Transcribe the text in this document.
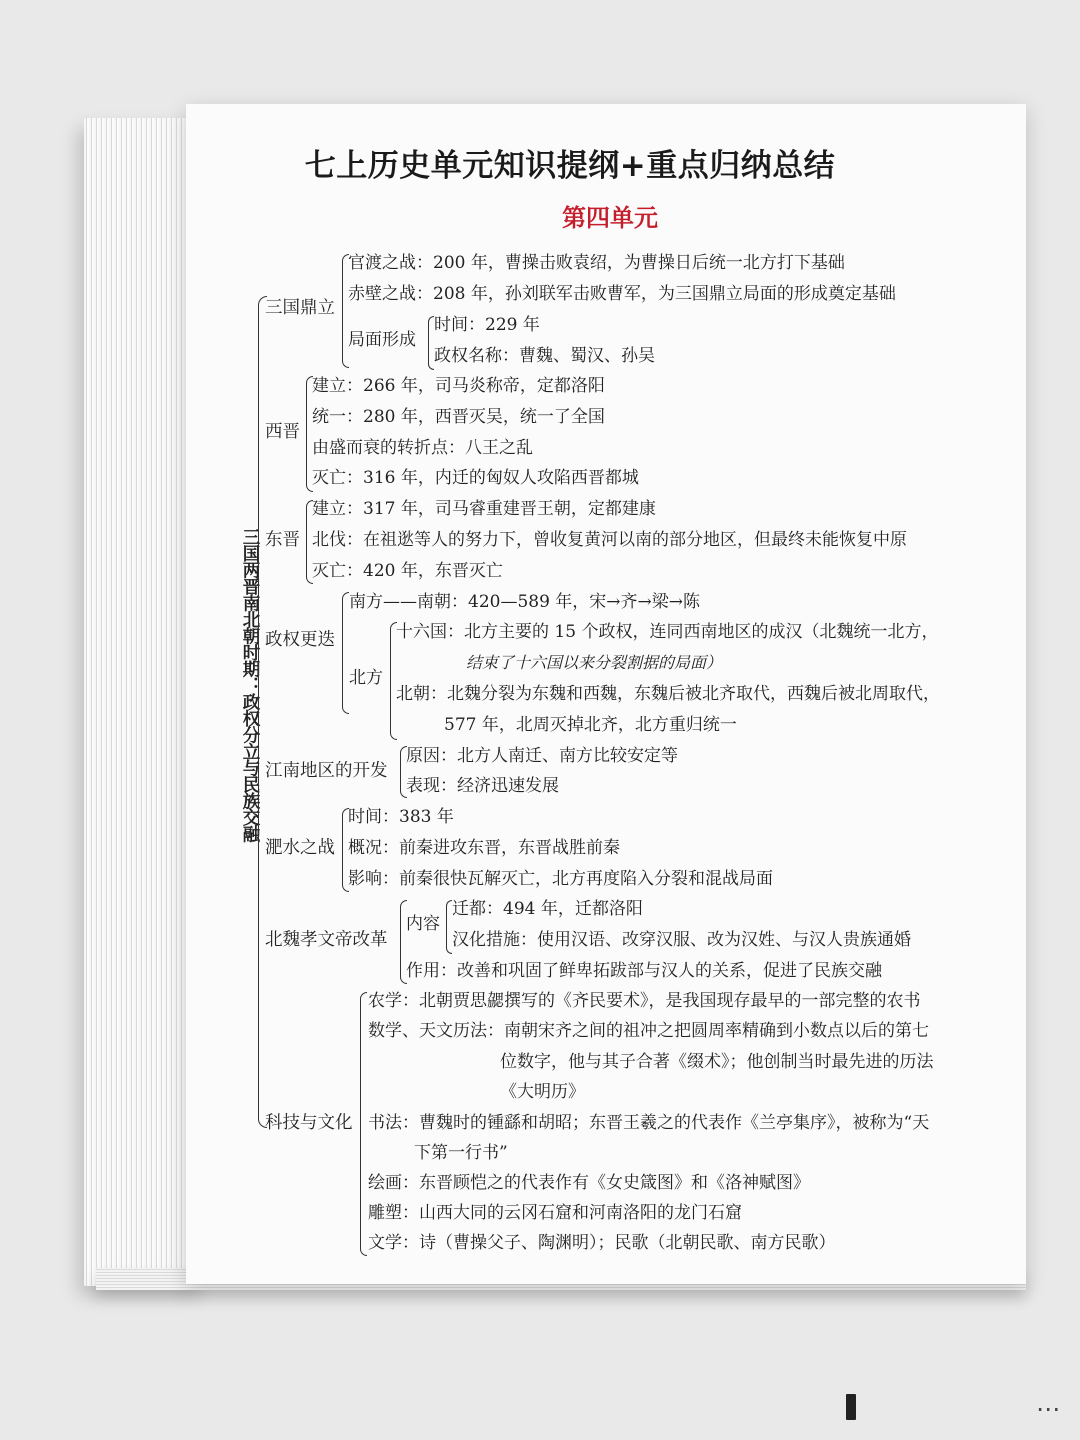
七上历史单元知识提纲+重点归纳总结
第四单元
三国两晋南北朝时期：政权分立与民族交融
三国鼎立
官渡之战：200 年，曹操击败袁绍，为曹操日后统一北方打下基础
赤壁之战：208 年，孙刘联军击败曹军，为三国鼎立局面的形成奠定基础
局面形成
时间：229 年
政权名称：曹魏、蜀汉、孙吴
西晋
建立：266 年，司马炎称帝，定都洛阳
统一：280 年，西晋灭吴，统一了全国
由盛而衰的转折点：八王之乱
灭亡：316 年，内迁的匈奴人攻陷西晋都城
东晋
建立：317 年，司马睿重建晋王朝，定都建康
北伐：在祖逖等人的努力下，曾收复黄河以南的部分地区，但最终未能恢复中原
灭亡：420 年，东晋灭亡
政权更迭
南方——南朝：420—589 年，宋→齐→梁→陈
北方
十六国：北方主要的 15 个政权，连同西南地区的成汉（北魏统一北方，
结束了十六国以来分裂割据的局面）
北朝：北魏分裂为东魏和西魏，东魏后被北齐取代，西魏后被北周取代，
577 年，北周灭掉北齐，北方重归统一
江南地区的开发
原因：北方人南迁、南方比较安定等
表现：经济迅速发展
淝水之战
时间：383 年
概况：前秦进攻东晋，东晋战胜前秦
影响：前秦很快瓦解灭亡，北方再度陷入分裂和混战局面
北魏孝文帝改革
内容
迁都：494 年，迁都洛阳
汉化措施：使用汉语、改穿汉服、改为汉姓、与汉人贵族通婚
作用：改善和巩固了鲜卑拓跋部与汉人的关系，促进了民族交融
科技与文化
农学：北朝贾思勰撰写的《齐民要术》，是我国现存最早的一部完整的农书
数学、天文历法：南朝宋齐之间的祖冲之把圆周率精确到小数点以后的第七
位数字，他与其子合著《缀术》；他创制当时最先进的历法
《大明历》
书法：曹魏时的锺繇和胡昭；东晋王羲之的代表作《兰亭集序》，被称为“天
下第一行书”
绘画：东晋顾恺之的代表作有《女史箴图》和《洛神赋图》
雕塑：山西大同的云冈石窟和河南洛阳的龙门石窟
文学：诗（曹操父子、陶渊明）；民歌（北朝民歌、南方民歌）
⋯
